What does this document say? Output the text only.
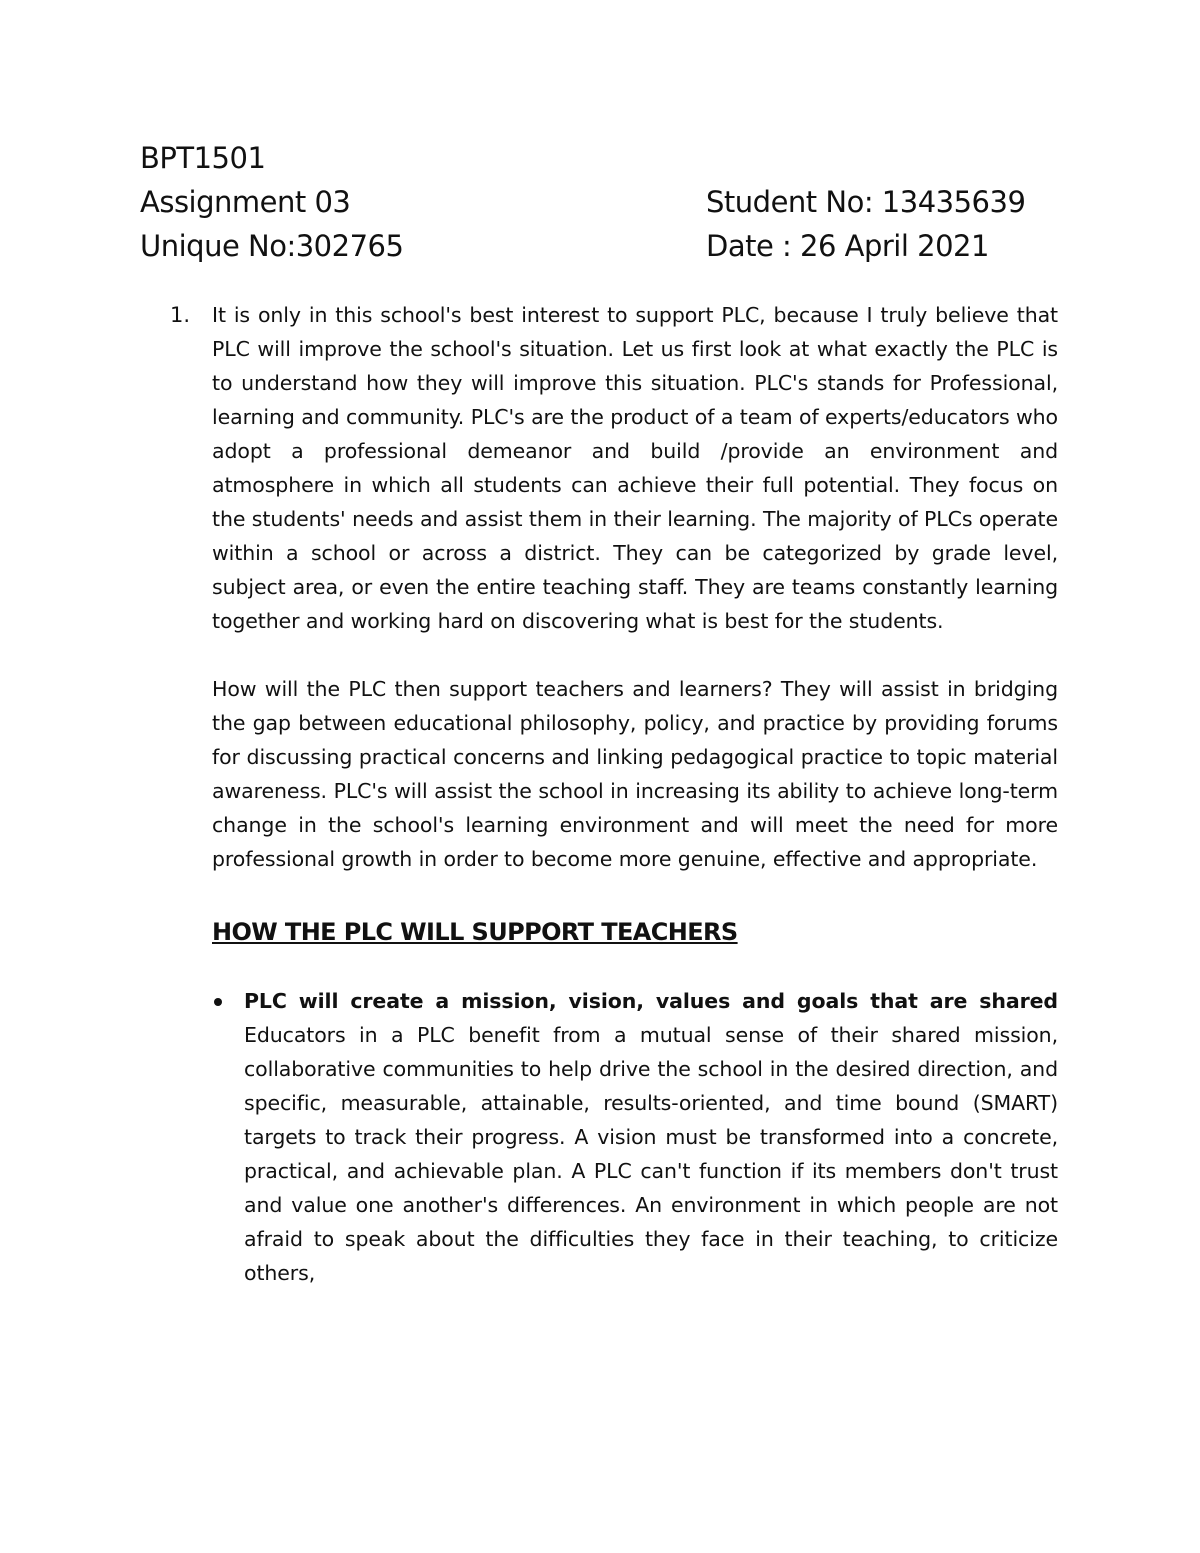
BPT1501
Assignment 03	Student No: 13435639
Unique No:302765	Date : 26 April 2021
1. It is only in this school's best interest to support PLC, because I truly believe that PLC will improve the school's situation. Let us first look at what exactly the PLC is to understand how they will improve this situation. PLC's stands for Professional, learning and community. PLC's are the product of a team of experts/educators who adopt a professional demeanor and build /provide an environment and atmosphere in which all students can achieve their full potential. They focus on the students' needs and assist them in their learning. The majority of PLCs operate within a school or across a district. They can be categorized by grade level, subject area, or even the entire teaching staff. They are teams constantly learning together and working hard on discovering what is best for the students.

How will the PLC then support teachers and learners? They will assist in bridging the gap between educational philosophy, policy, and practice by providing forums for discussing practical concerns and linking pedagogical practice to topic material awareness. PLC's will assist the school in increasing its ability to achieve long-term change in the school's learning environment and will meet the need for more professional growth in order to become more genuine, effective and appropriate.

HOW THE PLC WILL SUPPORT TEACHERS

PLC will create a mission, vision, values and goals that are shared Educators in a PLC benefit from a mutual sense of their shared mission, collaborative communities to help drive the school in the desired direction, and specific, measurable, attainable, results-oriented, and time bound (SMART) targets to track their progress. A vision must be transformed into a concrete, practical, and achievable plan. A PLC can't function if its members don't trust and value one another's differences. An environment in which people are not afraid to speak about the difficulties they face in their teaching, to criticize others,
